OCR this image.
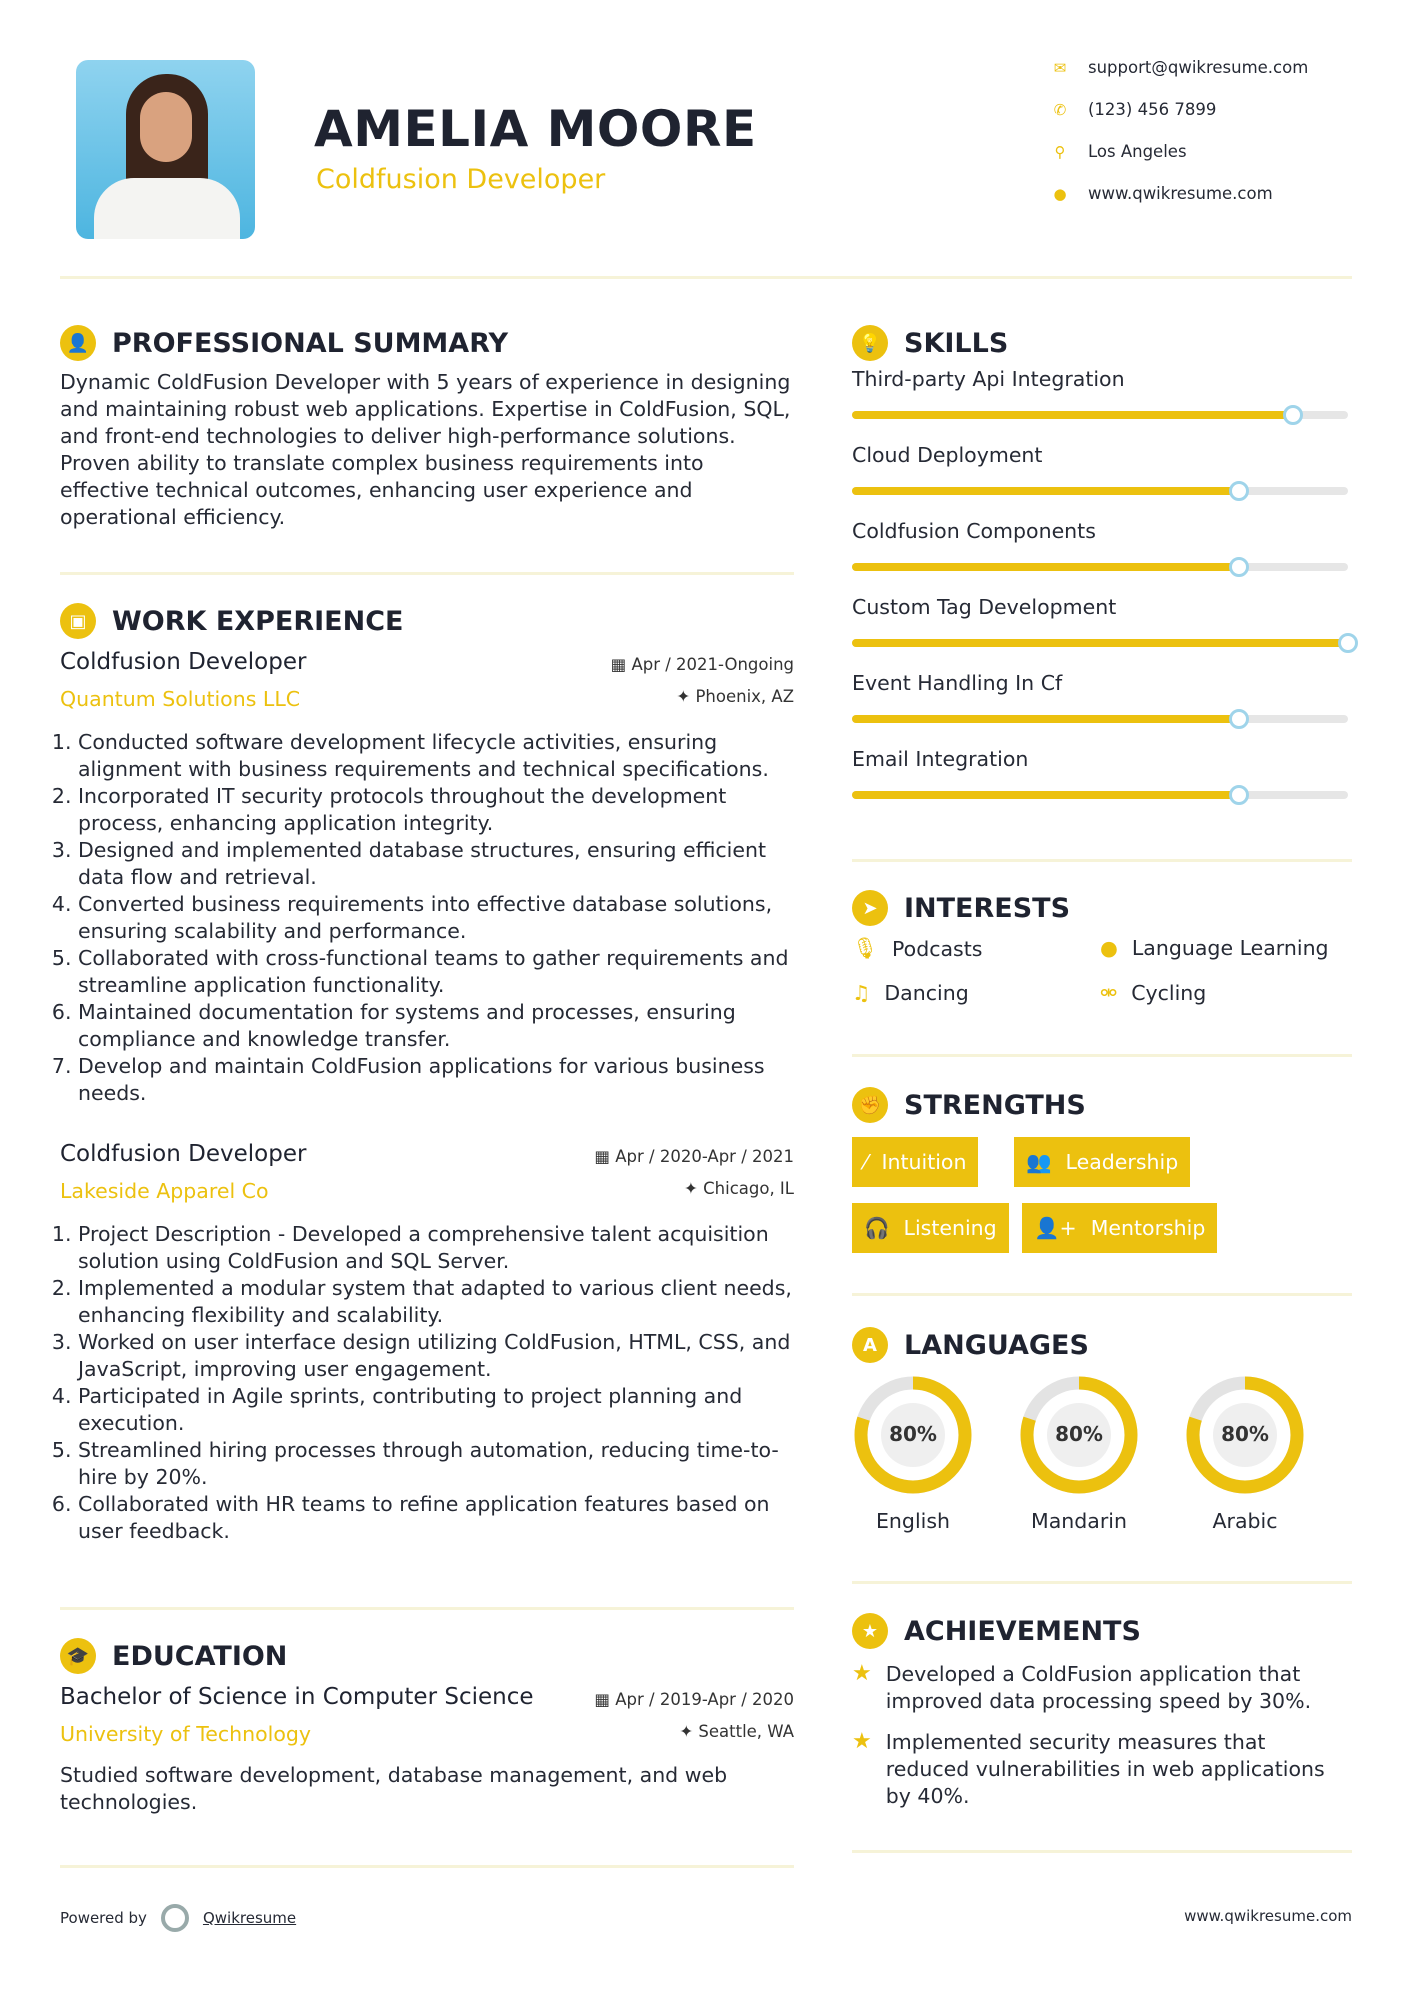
AMELIA MOORE
Coldfusion Developer
✉ support@qwikresume.com
✆ (123) 456 7899
⚲ Los Angeles
● www.qwikresume.com
👤 PROFESSIONAL SUMMARY

Dynamic ColdFusion Developer with 5 years of experience in designing and maintaining robust web applications. Expertise in ColdFusion, SQL, and front-end technologies to deliver high-performance solutions. Proven ability to translate complex business requirements into effective technical outcomes, enhancing user experience and operational efficiency.

▣ WORK EXPERIENCE
Coldfusion Developer
Quantum Solutions LLC
▦ Apr / 2021-Ongoing
✦ Phoenix, AZ
1. Conducted software development lifecycle activities, ensuring alignment with business requirements and technical specifications.
2. Incorporated IT security protocols throughout the development process, enhancing application integrity.
3. Designed and implemented database structures, ensuring efficient data flow and retrieval.
4. Converted business requirements into effective database solutions, ensuring scalability and performance.
5. Collaborated with cross-functional teams to gather requirements and streamline application functionality.
6. Maintained documentation for systems and processes, ensuring compliance and knowledge transfer.
7. Develop and maintain ColdFusion applications for various business needs.
Coldfusion Developer
Lakeside Apparel Co
▦ Apr / 2020-Apr / 2021
✦ Chicago, IL
1. Project Description - Developed a comprehensive talent acquisition solution using ColdFusion and SQL Server.
2. Implemented a modular system that adapted to various client needs, enhancing flexibility and scalability.
3. Worked on user interface design utilizing ColdFusion, HTML, CSS, and JavaScript, improving user engagement.
4. Participated in Agile sprints, contributing to project planning and execution.
5. Streamlined hiring processes through automation, reducing time-to-hire by 20%.
6. Collaborated with HR teams to refine application features based on user feedback.
🎓 EDUCATION
Bachelor of Science in Computer Science
University of Technology
▦ Apr / 2019-Apr / 2020
✦ Seattle, WA

Studied software development, database management, and web technologies.

Powered by	Qwikresume	www.qwikresume.com
💡 SKILLS
Third-party Api Integration
Cloud Deployment
Coldfusion Components
Custom Tag Development
Event Handling In Cf
Email Integration
➤ INTERESTS
🎙 Podcasts	● Language Learning
♫ Dancing	⚮ Cycling
✊ STRENGTHS
⁄ Intuition	👥 Leadership
🎧 Listening 👤+ Mentorship
A	LANGUAGES
80%
English
80%
Mandarin
80%
Arabic
★ ACHIEVEMENTS
★ Developed a ColdFusion application that improved data processing speed by 30%.
★ Implemented security measures that reduced vulnerabilities in web applications by 40%.
